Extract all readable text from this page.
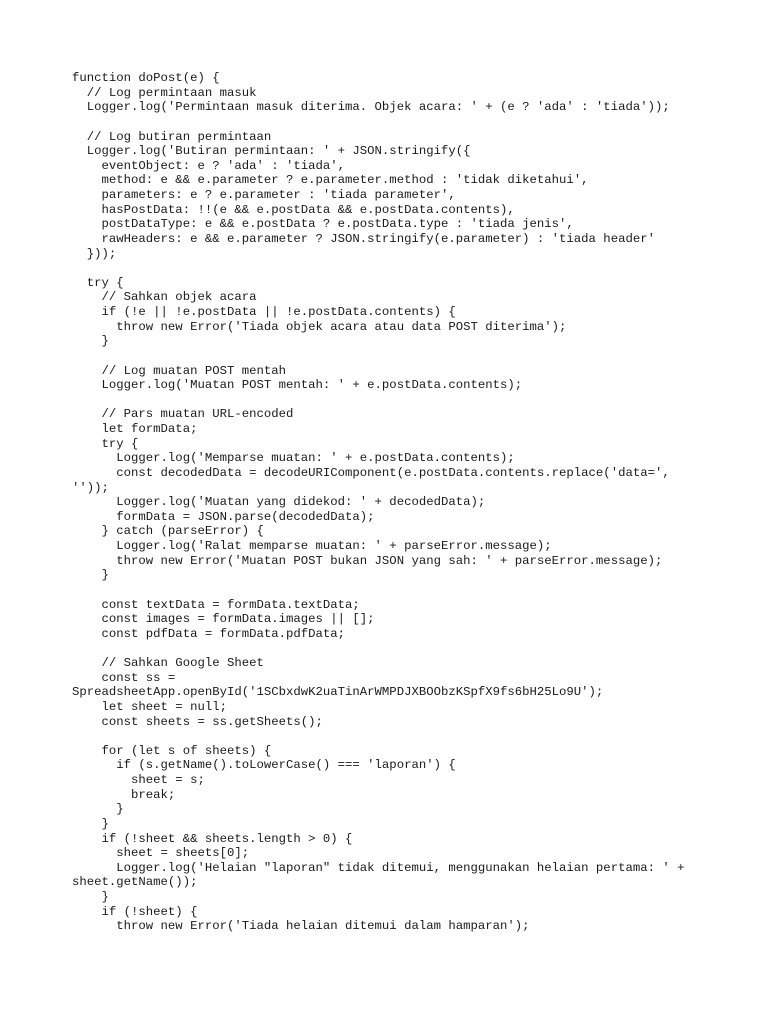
function doPost(e) {
// Log permintaan masuk
Logger.log('Permintaan masuk diterima. Objek acara: ' + (e ? 'ada' : 'tiada'));
// Log butiran permintaan
Logger.log('Butiran permintaan: ' + JSON.stringify({
eventObject: e ? 'ada' : 'tiada',
method: e && e.parameter ? e.parameter.method : 'tidak diketahui',
parameters: e ? e.parameter : 'tiada parameter',
hasPostData: !!(e && e.postData && e.postData.contents),
postDataType: e && e.postData ? e.postData.type : 'tiada jenis',
rawHeaders: e && e.parameter ? JSON.stringify(e.parameter) : 'tiada header'
}));
try {
// Sahkan objek acara
if (!e || !e.postData || !e.postData.contents) {
throw new Error('Tiada objek acara atau data POST diterima');
}
// Log muatan POST mentah
Logger.log('Muatan POST mentah: ' + e.postData.contents);
// Pars muatan URL-encoded
let formData;
try {
Logger.log('Memparse muatan: ' + e.postData.contents);
const decodedData = decodeURIComponent(e.postData.contents.replace('data=',
''));
Logger.log('Muatan yang didekod: ' + decodedData);
formData = JSON.parse(decodedData);
} catch (parseError) {
Logger.log('Ralat memparse muatan: ' + parseError.message);
throw new Error('Muatan POST bukan JSON yang sah: ' + parseError.message);
}
const textData = formData.textData;
const images = formData.images || [];
const pdfData = formData.pdfData;
// Sahkan Google Sheet
const ss =
SpreadsheetApp.openById('1SCbxdwK2uaTinArWMPDJXBOObzKSpfX9fs6bH25Lo9U');
let sheet = null;
const sheets = ss.getSheets();
for (let s of sheets) {
if (s.getName().toLowerCase() === 'laporan') {
sheet = s;
break;
}
}
if (!sheet && sheets.length > 0) {
sheet = sheets[0];
Logger.log('Helaian "laporan" tidak ditemui, menggunakan helaian pertama: ' +
sheet.getName());
}
if (!sheet) {
throw new Error('Tiada helaian ditemui dalam hamparan');
